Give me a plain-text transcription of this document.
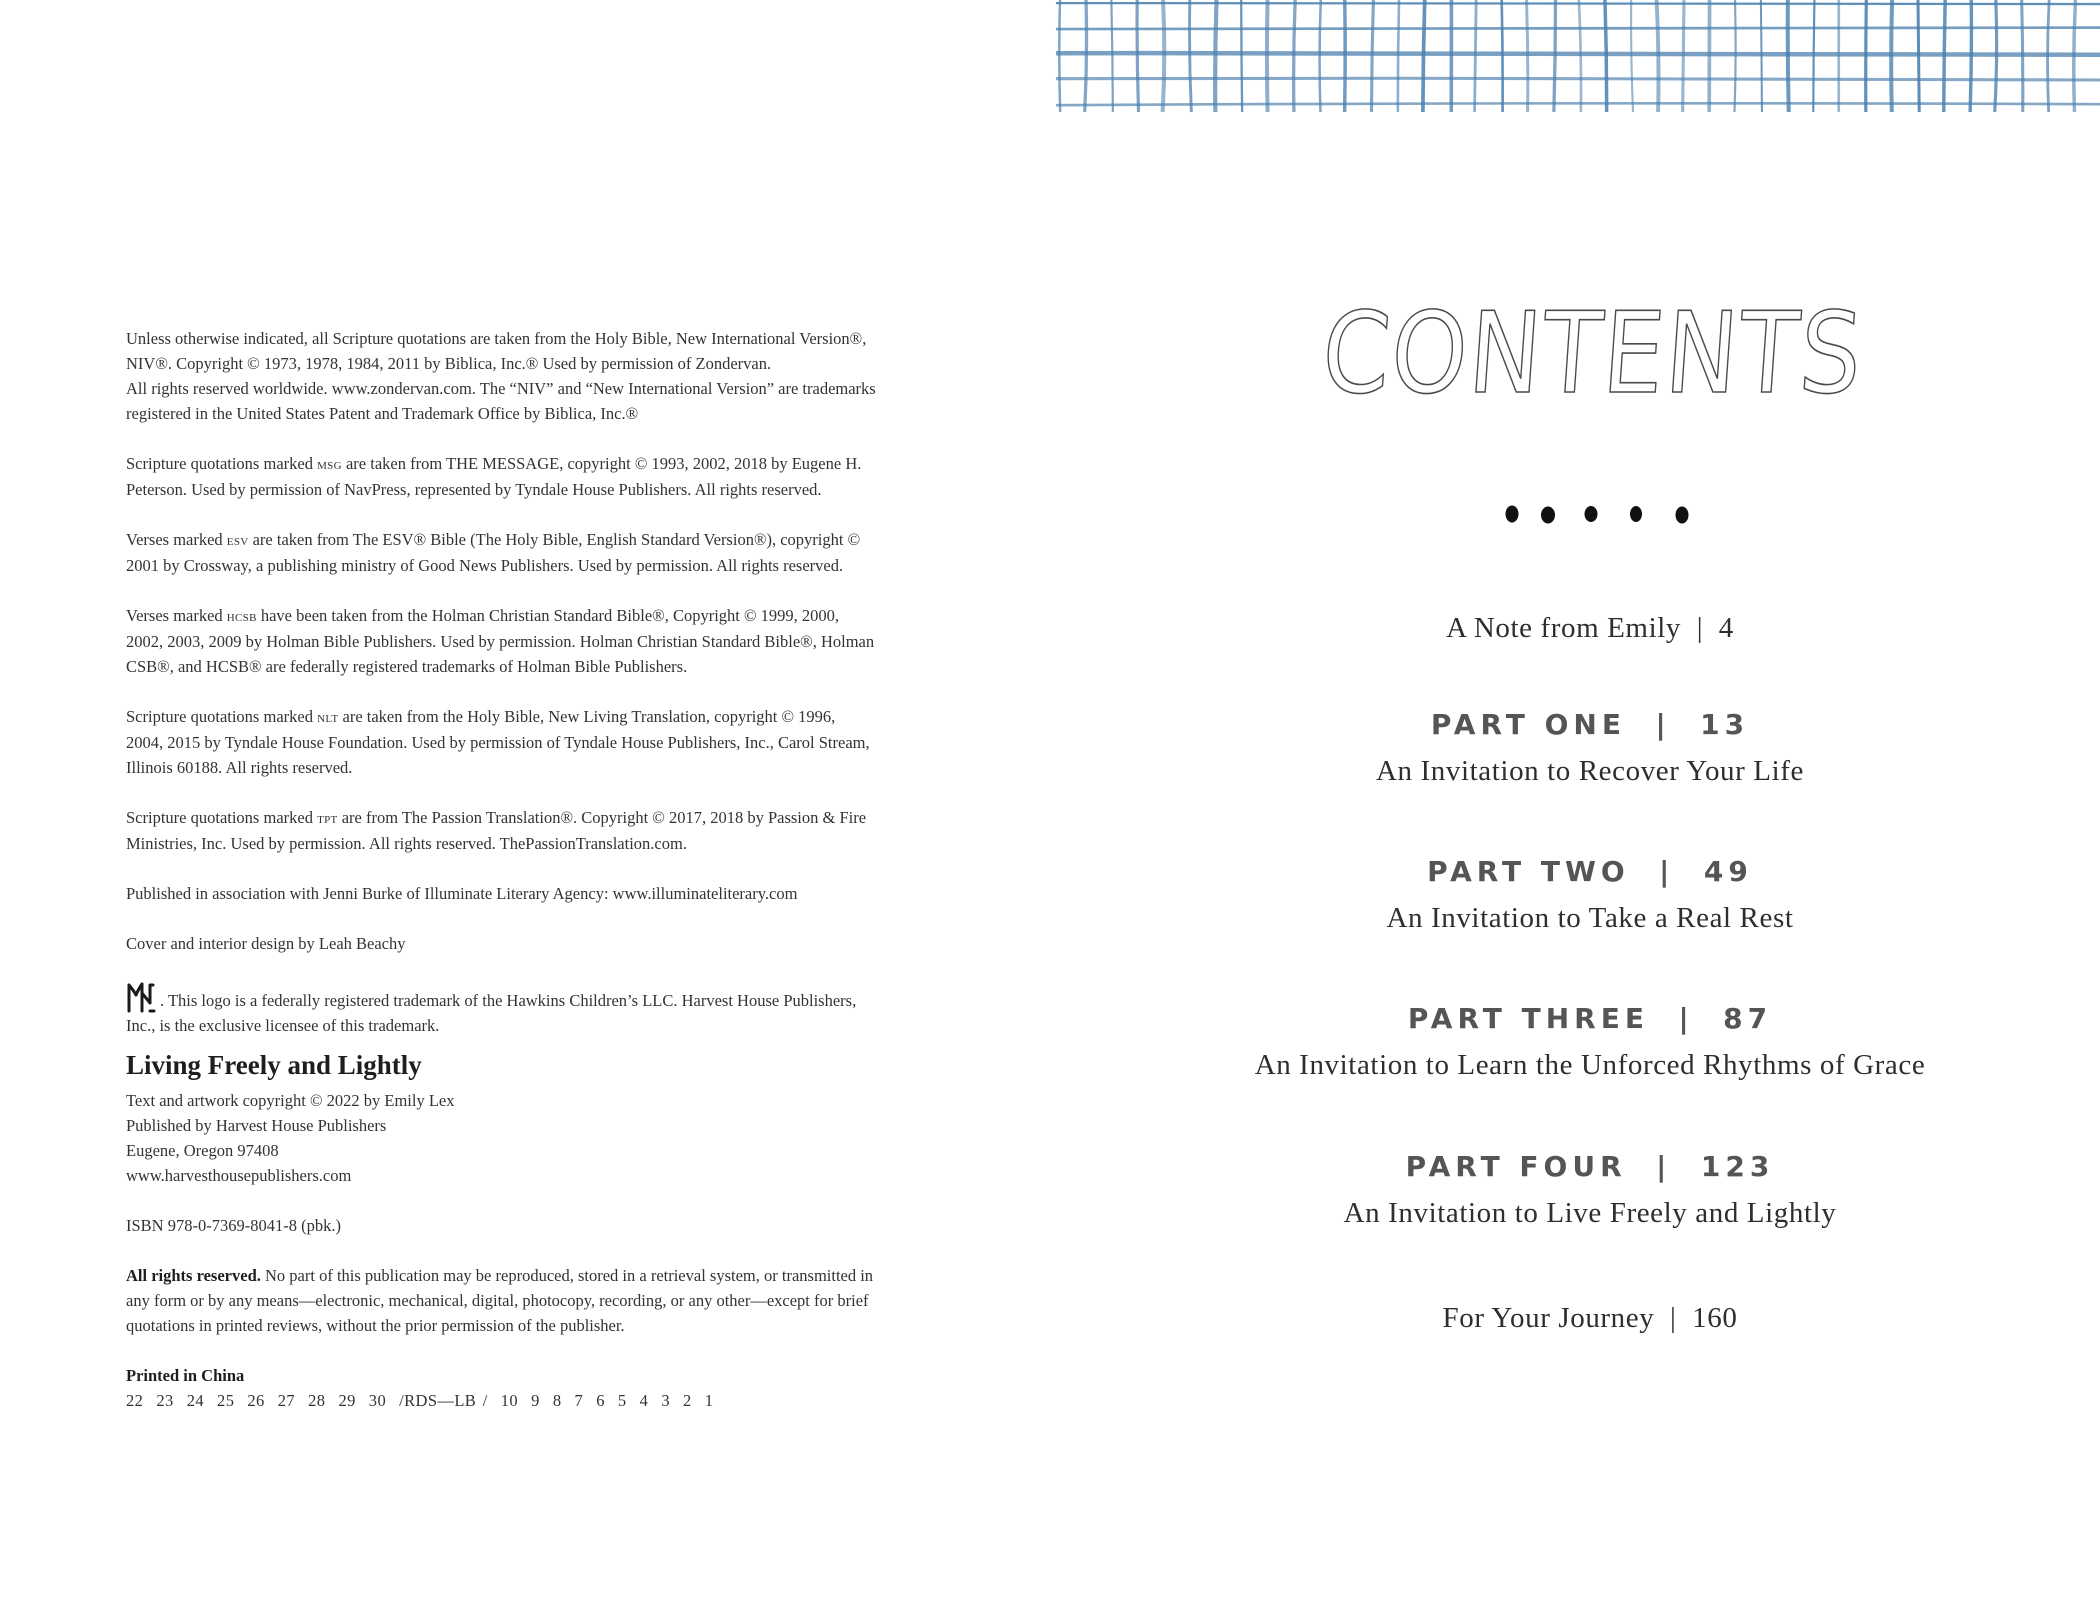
Unless otherwise indicated, all Scripture quotations are taken from the Holy Bible, New International Version®,

NIV®. Copyright © 1973, 1978, 1984, 2011 by Biblica, Inc.® Used by permission of Zondervan.

All rights reserved worldwide. www.zondervan.com. The “NIV” and “New International Version” are trademarks

registered in the United States Patent and Trademark Office by Biblica, Inc.®

Scripture quotations marked msg are taken from THE MESSAGE, copyright © 1993, 2002, 2018 by Eugene H.

Peterson. Used by permission of NavPress, represented by Tyndale House Publishers. All rights reserved.

Verses marked esv are taken from The ESV® Bible (The Holy Bible, English Standard Version®), copyright ©

2001 by Crossway, a publishing ministry of Good News Publishers. Used by permission. All rights reserved.

Verses marked hcsb have been taken from the Holman Christian Standard Bible®, Copyright © 1999, 2000,

2002, 2003, 2009 by Holman Bible Publishers. Used by permission. Holman Christian Standard Bible®, Holman

CSB®, and HCSB® are federally registered trademarks of Holman Bible Publishers.

Scripture quotations marked nlt are taken from the Holy Bible, New Living Translation, copyright © 1996,

2004, 2015 by Tyndale House Foundation. Used by permission of Tyndale House Publishers, Inc., Carol Stream,

Illinois 60188. All rights reserved.

Scripture quotations marked tpt are from The Passion Translation®. Copyright © 2017, 2018 by Passion & Fire

Ministries, Inc. Used by permission. All rights reserved. ThePassionTranslation.com.

Published in association with Jenni Burke of Illuminate Literary Agency: www.illuminateliterary.com

Cover and interior design by Leah Beachy

. This logo is a federally registered trademark of the Hawkins Children’s LLC. Harvest House Publishers,

Inc., is the exclusive licensee of this trademark.

Living Freely and Lightly

Text and artwork copyright © 2022 by Emily Lex

Published by Harvest House Publishers

Eugene, Oregon 97408

www.harvesthousepublishers.com

ISBN 978-0-7369-8041-8 (pbk.)

All rights reserved. No part of this publication may be reproduced, stored in a retrieval system, or transmitted in

any form or by any means—electronic, mechanical, digital, photocopy, recording, or any other—except for brief

quotations in printed reviews, without the prior permission of the publisher.

Printed in China

22  23  24  25  26  27  28  29  30  /RDS—LB /  10  9  8  7  6  5  4  3  2  1

CONTENTS
A Note from Emily  |  4
PART ONE  |  13
An Invitation to Recover Your Life
PART TWO  |  49
An Invitation to Take a Real Rest
PART THREE  |  87
An Invitation to Learn the Unforced Rhythms of Grace
PART FOUR  |  123
An Invitation to Live Freely and Lightly
For Your Journey  |  160
